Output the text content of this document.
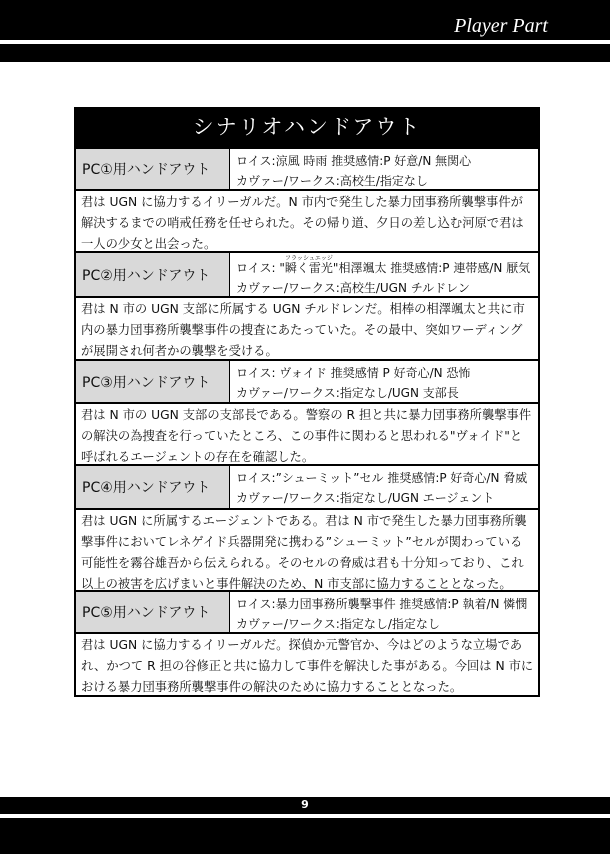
Player Part
シナリオハンドアウト
PC①用ハンドアウト
ロイス:涼風 時雨 推奨感情:P 好意/N 無関心
カヴァー/ワークス:高校生/指定なし
君は UGN に協力するイリーガルだ。N 市内で発生した暴力団事務所襲撃事件が解決するまでの哨戒任務を任せられた。その帰り道、夕日の差し込む河原で君は一人の少女と出会った。
PC②用ハンドアウト	ロイス: "瞬く雷光フラッシュエッジ"相澤颯太 推奨感情:P 連帯感/N 厭気
カヴァー/ワークス:高校生/UGN チルドレン
君は N 市の UGN 支部に所属する UGN チルドレンだ。相棒の相澤颯太と共に市内の暴力団事務所襲撃事件の捜査にあたっていた。その最中、突如ワーディングが展開され何者かの襲撃を受ける。
PC③用ハンドアウト
ロイス: ヴォイド 推奨感情 P 好奇心/N 恐怖
カヴァー/ワークス:指定なし/UGN 支部長
君は N 市の UGN 支部の支部長である。警察の R 担と共に暴力団事務所襲撃事件の解決の為捜査を行っていたところ、この事件に関わると思われる"ヴォイド"と呼ばれるエージェントの存在を確認した。
PC④用ハンドアウト
ロイス:”シューミット”セル 推奨感情:P 好奇心/N 脅威
カヴァー/ワークス:指定なし/UGN エージェント
君は UGN に所属するエージェントである。君は N 市で発生した暴力団事務所襲撃事件においてレネゲイド兵器開発に携わる”シューミット”セルが関わっている可能性を霧谷雄吾から伝えられる。そのセルの脅威は君も十分知っており、これ以上の被害を広げまいと事件解決のため、N 市支部に協力することとなった。
PC⑤用ハンドアウト
ロイス:暴力団事務所襲撃事件 推奨感情:P 執着/N 憐憫
カヴァー/ワークス:指定なし/指定なし
君は UGN に協力するイリーガルだ。探偵か元警官か、今はどのような立場であれ、かつて R 担の谷修正と共に協力して事件を解決した事がある。今回は N 市における暴力団事務所襲撃事件の解決のために協力することとなった。
9
